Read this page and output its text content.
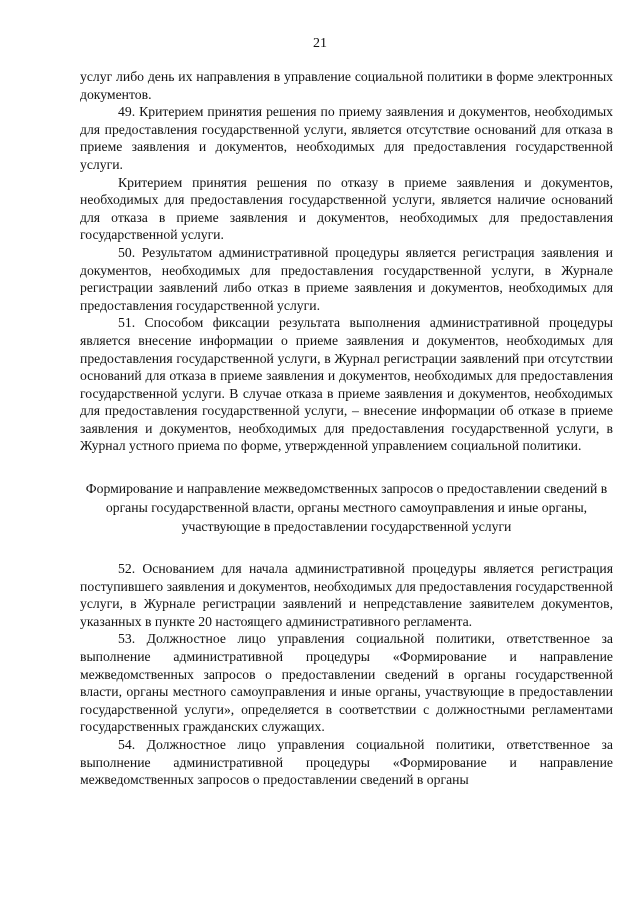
21

услуг либо день их направления в управление социальной политики в форме электронных документов.

49. Критерием принятия решения по приему заявления и документов, необходимых для предоставления государственной услуги, является отсутствие оснований для отказа в приеме заявления и документов, необходимых для предоставления государственной услуги.

Критерием принятия решения по отказу в приеме заявления и документов, необходимых для предоставления государственной услуги, является наличие оснований для отказа в приеме заявления и документов, необходимых для предоставления государственной услуги.

50. Результатом административной процедуры является регистрация заявления и документов, необходимых для предоставления государственной услуги, в Журнале регистрации заявлений либо отказ в приеме заявления и документов, необходимых для предоставления государственной услуги.

51. Способом фиксации результата выполнения административной процедуры является внесение информации о приеме заявления и документов, необходимых для предоставления государственной услуги, в Журнал регистрации заявлений при отсутствии оснований для отказа в приеме заявления и документов, необходимых для предоставления государственной услуги. В случае отказа в приеме заявления и документов, необходимых для предоставления государственной услуги, – внесение информации об отказе в приеме заявления и документов, необходимых для предоставления государственной услуги, в Журнал устного приема по форме, утвержденной управлением социальной политики.

Формирование и направление межведомственных запросов о предоставлении сведений в органы государственной власти, органы местного самоуправления и иные органы, участвующие в предоставлении государственной услуги

52. Основанием для начала административной процедуры является регистрация поступившего заявления и документов, необходимых для предоставления государственной услуги, в Журнале регистрации заявлений и непредставление заявителем документов, указанных в пункте 20 настоящего административного регламента.

53. Должностное лицо управления социальной политики, ответственное за выполнение административной процедуры «Формирование и направление межведомственных запросов о предоставлении сведений в органы государственной власти, органы местного самоуправления и иные органы, участвующие в предоставлении государственной услуги», определяется в соответствии с должностными регламентами государственных гражданских служащих.

54. Должностное лицо управления социальной политики, ответственное за выполнение административной процедуры «Формирование и направление межведомственных запросов о предоставлении сведений в органы
